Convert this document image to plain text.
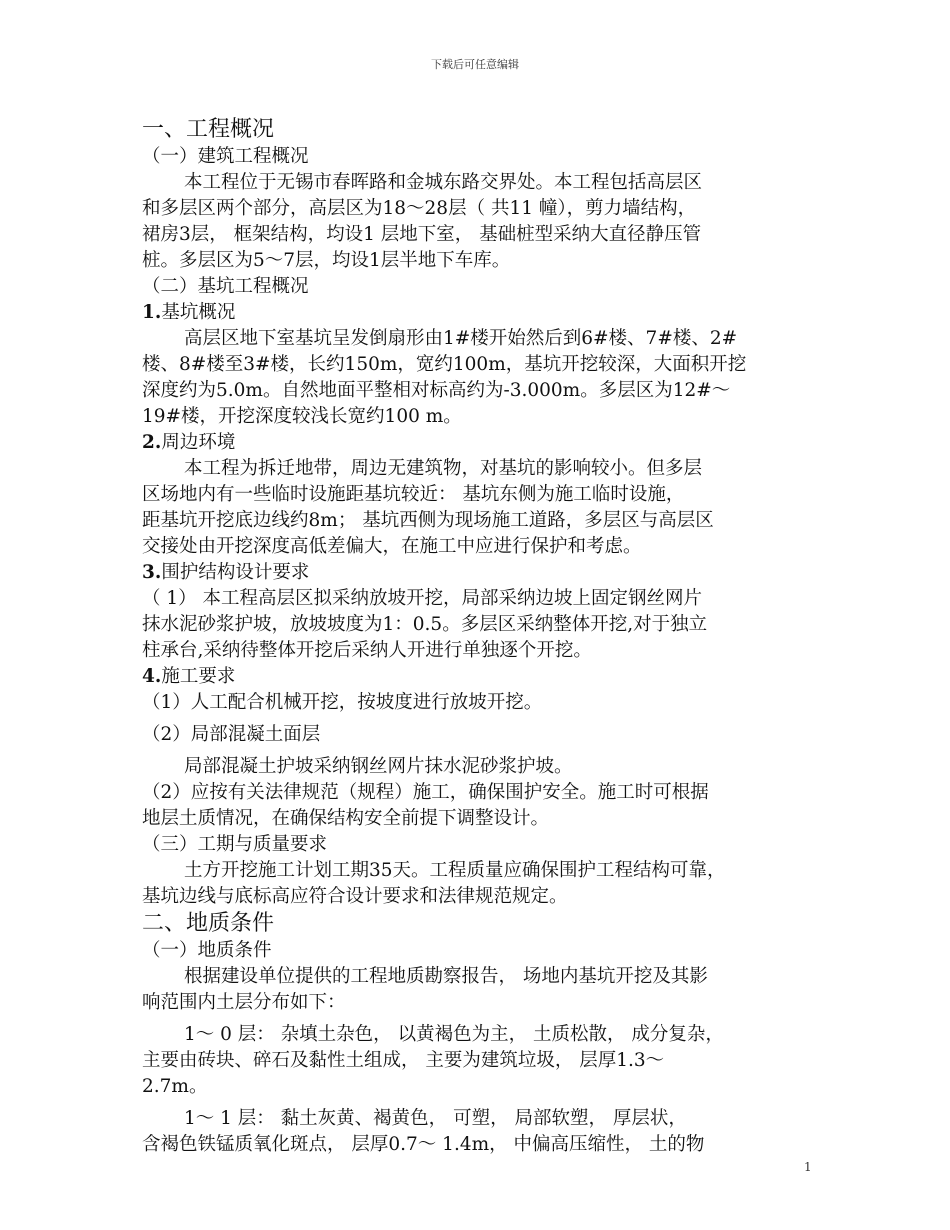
下载后可任意编辑
一、工程概况
（一）建筑工程概况
本工程位于无锡市春晖路和金城东路交界处。本工程包括高层区
和多层区两个部分，高层区为18～28层（ 共11 幢），剪力墙结构，
裙房3层， 框架结构，均设1 层地下室， 基础桩型采纳大直径静压管
桩。多层区为5～7层，均设1层半地下车库。
（二）基坑工程概况
1.基坑概况
高层区地下室基坑呈发倒扇形由1#楼开始然后到6#楼、7#楼、2#
楼、8#楼至3#楼，长约150m，宽约100m，基坑开挖较深，大面积开挖
深度约为5.0m。自然地面平整相对标高约为-3.000m。多层区为12#～
19#楼，开挖深度较浅长宽约100 m。
2.周边环境
本工程为拆迁地带，周边无建筑物，对基坑的影响较小。但多层
区场地内有一些临时设施距基坑较近： 基坑东侧为施工临时设施，
距基坑开挖底边线约8m； 基坑西侧为现场施工道路，多层区与高层区
交接处由开挖深度高低差偏大，在施工中应进行保护和考虑。
3.围护结构设计要求
（ 1） 本工程高层区拟采纳放坡开挖，局部采纳边坡上固定钢丝网片
抹水泥砂浆护坡，放坡坡度为1：0.5。多层区采纳整体开挖,对于独立
柱承台,采纳待整体开挖后采纳人开进行单独逐个开挖。
4.施工要求
（1）人工配合机械开挖，按坡度进行放坡开挖。
（2）局部混凝土面层
局部混凝土护坡采纳钢丝网片抹水泥砂浆护坡。
（2）应按有关法律规范（规程）施工，确保围护安全。施工时可根据
地层土质情况，在确保结构安全前提下调整设计。
（三）工期与质量要求
土方开挖施工计划工期35天。工程质量应确保围护工程结构可靠，
基坑边线与底标高应符合设计要求和法律规范规定。
二、地质条件
（一）地质条件
根据建设单位提供的工程地质勘察报告， 场地内基坑开挖及其影
响范围内土层分布如下：
1～ 0 层： 杂填土杂色， 以黄褐色为主， 土质松散， 成分复杂，
主要由砖块、碎石及黏性土组成， 主要为建筑垃圾， 层厚1.3～
2.7m。
1～ 1 层： 黏土灰黄、褐黄色， 可塑， 局部软塑， 厚层状，
含褐色铁锰质氧化斑点， 层厚0.7～ 1.4m， 中偏高压缩性， 土的物
1
